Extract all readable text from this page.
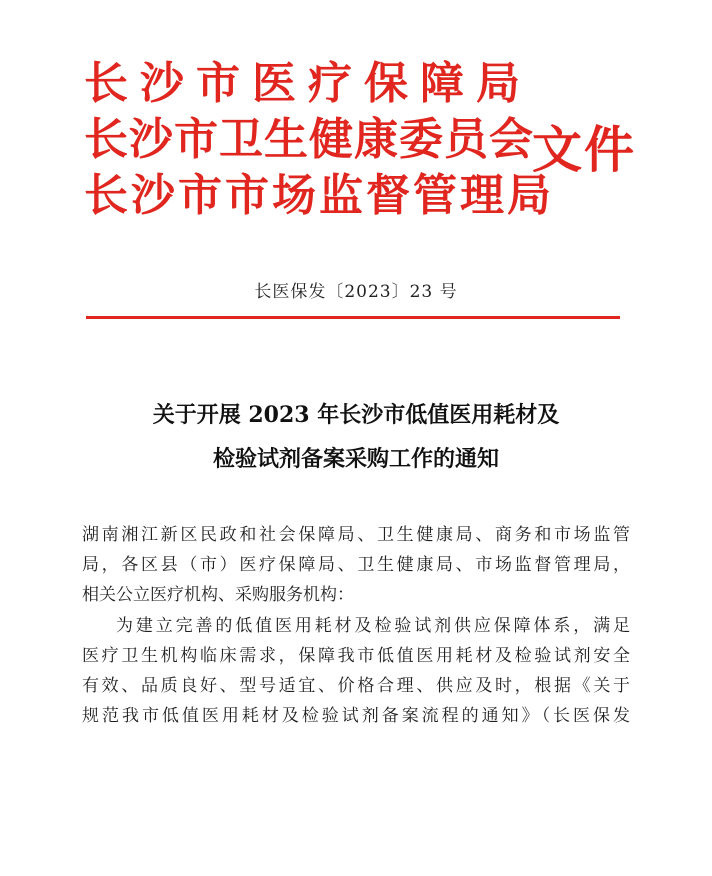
长沙市医疗保障局
长沙市卫生健康委员会
长沙市市场监督管理局
文件
长医保发〔2023〕23 号
关于开展 2023 年长沙市低值医用耗材及
检验试剂备案采购工作的通知
湖南湘江新区民政和社会保障局、卫生健康局、商务和市场监管
局，各区县（市）医疗保障局、卫生健康局、市场监督管理局，
相关公立医疗机构、采购服务机构：
为建立完善的低值医用耗材及检验试剂供应保障体系，满足
医疗卫生机构临床需求，保障我市低值医用耗材及检验试剂安全
有效、品质良好、型号适宜、价格合理、供应及时，根据《关于
规范我市低值医用耗材及检验试剂备案流程的通知》（长医保发
